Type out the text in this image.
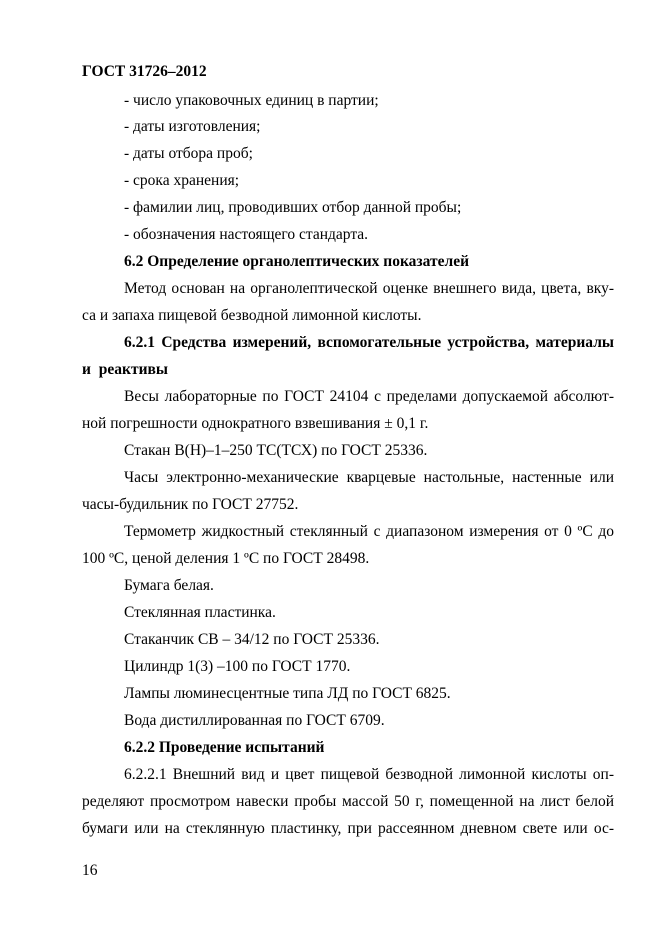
ГОСТ 31726–2012
- число упаковочных единиц в партии;
- даты изготовления;
- даты отбора проб;
- срока хранения;
- фамилии лиц, проводивших отбор данной пробы;
- обозначения настоящего стандарта.
6.2 Определение органолептических показателей
Метод основан на органолептической оценке внешнего вида, цвета, вку-
са и запаха пищевой безводной лимонной кислоты.
6.2.1 Средства измерений, вспомогательные устройства, материалы
и реактивы
Весы лабораторные по ГОСТ 24104 с пределами допускаемой абсолют-
ной погрешности однократного взвешивания ± 0,1 г.
Стакан В(Н)–1–250 ТС(ТСХ) по ГОСТ 25336.
Часы электронно-механические кварцевые настольные, настенные или
часы-будильник по ГОСТ 27752.
Термометр жидкостный стеклянный с диапазоном измерения от 0 ºС до
100 ºС, ценой деления 1 ºС по ГОСТ 28498.
Бумага белая.
Стеклянная пластинка.
Стаканчик СВ – 34/12 по ГОСТ 25336.
Цилиндр 1(3) –100 по ГОСТ 1770.
Лампы люминесцентные типа ЛД по ГОСТ 6825.
Вода дистиллированная по ГОСТ 6709.
6.2.2 Проведение испытаний
6.2.2.1 Внешний вид и цвет пищевой безводной лимонной кислоты оп-
ределяют просмотром навески пробы массой 50 г, помещенной на лист белой
бумаги или на стеклянную пластинку, при рассеянном дневном свете или ос-
16
